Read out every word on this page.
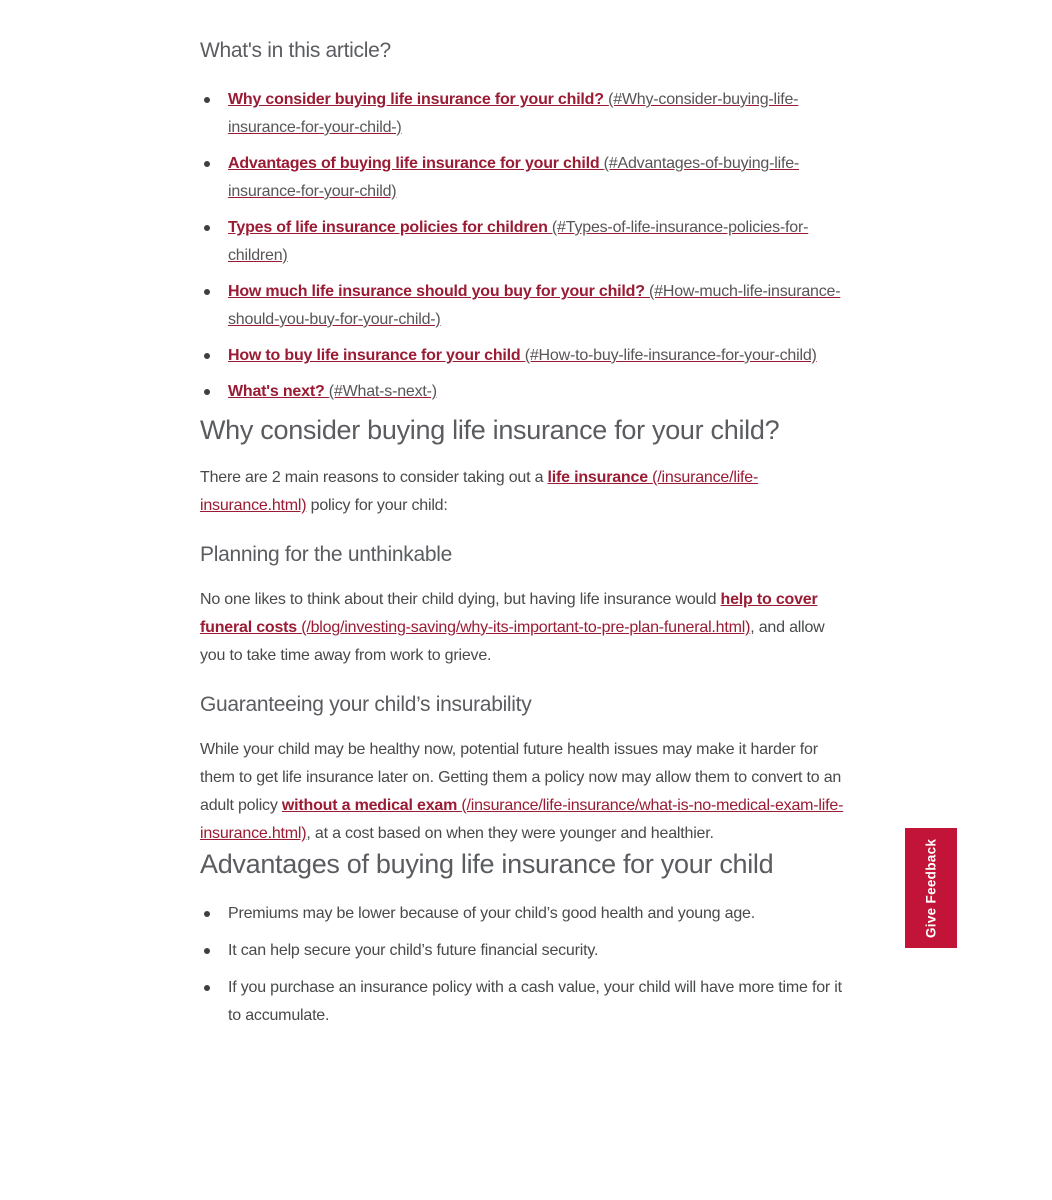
What's in this article?
Why consider buying life insurance for your child? (#Why-consider-buying-life-insurance-for-your-child-)
Advantages of buying life insurance for your child (#Advantages-of-buying-life-insurance-for-your-child)
Types of life insurance policies for children (#Types-of-life-insurance-policies-for-children)
How much life insurance should you buy for your child? (#How-much-life-insurance-should-you-buy-for-your-child-)
How to buy life insurance for your child (#How-to-buy-life-insurance-for-your-child)
What's next? (#What-s-next-)
Why consider buying life insurance for your child?

There are 2 main reasons to consider taking out a life insurance (/insurance/life-insurance.html) policy for your child:

Planning for the unthinkable

No one likes to think about their child dying, but having life insurance would help to cover funeral costs (/blog/investing-saving/why-its-important-to-pre-plan-funeral.html), and allow you to take time away from work to grieve.

Guaranteeing your child’s insurability

While your child may be healthy now, potential future health issues may make it harder for them to get life insurance later on. Getting them a policy now may allow them to convert to an adult policy without a medical exam (/insurance/life-insurance/what-is-no-medical-exam-life-insurance.html), at a cost based on when they were younger and healthier.

Advantages of buying life insurance for your child
Premiums may be lower because of your child’s good health and young age.
It can help secure your child’s future financial security.
If you purchase an insurance policy with a cash value, your child will have more time for it to accumulate.
Give Feedback
